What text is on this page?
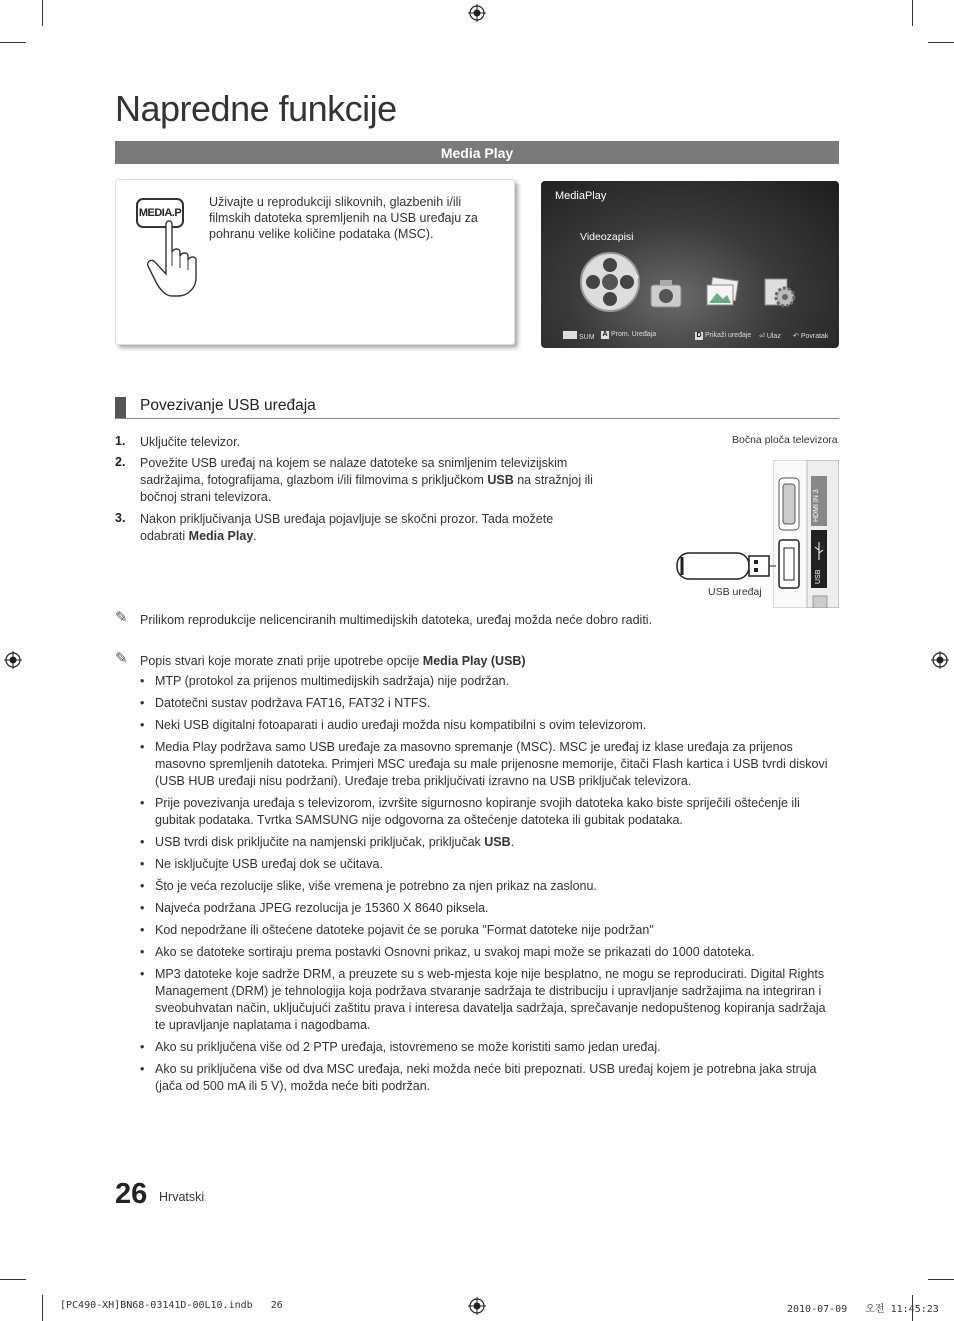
Napredne funkcije
Media Play
MEDIA.P
Uživajte u reprodukciji slikovnih, glazbenih i/ili filmskih datoteka spremljenih na USB uređaju za pohranu velike količine podataka (MSC).
MediaPlay
Videozapisi
›
SUM A Prom. Uređaja	D Prikaži uređaje ⏎ Ulaz ↶ Povratak
Povezivanje USB uređaja
1. Uključite televizor.
2. Povežite USB uređaj na kojem se nalaze datoteke sa snimljenim televizijskim sadržajima, fotografijama, glazbom i/ili filmovima s priključkom USB na stražnjoj ili bočnoj strani televizora.
3. Nakon priključivanja USB uređaja pojavljuje se skočni prozor. Tada možete odabrati Media Play.
Bočna ploča televizora
HDMI IN 3
USB
USB uređaj
✎ Prilikom reprodukcije nelicenciranih multimedijskih datoteka, uređaj možda neće dobro raditi.
✎ Popis stvari koje morate znati prije upotrebe opcije Media Play (USB)
• MTP (protokol za prijenos multimedijskih sadržaja) nije podržan.
• Datotečni sustav podržava FAT16, FAT32 i NTFS.
• Neki USB digitalni fotoaparati i audio uređaji možda nisu kompatibilni s ovim televizorom.
• Media Play podržava samo USB uređaje za masovno spremanje (MSC). MSC je uređaj iz klase uređaja za prijenos masovno spremljenih datoteka. Primjeri MSC uređaja su male prijenosne memorije, čitači Flash kartica i USB tvrdi diskovi (USB HUB uređaji nisu podržani). Uređaje treba priključivati izravno na USB priključak televizora.
• Prije povezivanja uređaja s televizorom, izvršite sigurnosno kopiranje svojih datoteka kako biste spriječili oštećenje ili gubitak podataka. Tvrtka SAMSUNG nije odgovorna za oštećenje datoteka ili gubitak podataka.
• USB tvrdi disk priključite na namjenski priključak, priključak USB.
• Ne isključujte USB uređaj dok se učitava.
• Što je veća rezolucije slike, više vremena je potrebno za njen prikaz na zaslonu.
• Najveća podržana JPEG rezolucija je 15360 X 8640 piksela.
• Kod nepodržane ili oštećene datoteke pojavit će se poruka "Format datoteke nije podržan"
• Ako se datoteke sortiraju prema postavki Osnovni prikaz, u svakoj mapi može se prikazati do 1000 datoteka.
• MP3 datoteke koje sadrže DRM, a preuzete su s web-mjesta koje nije besplatno, ne mogu se reproducirati. Digital Rights Management (DRM) je tehnologija koja podržava stvaranje sadržaja te distribuciju i upravljanje sadržajima na integriran i sveobuhvatan način, uključujući zaštitu prava i interesa davatelja sadržaja, sprečavanje nedopuštenog kopiranja sadržaja te upravljanje naplatama i nagodbama.
• Ako su priključena više od 2 PTP uređaja, istovremeno se može koristiti samo jedan uređaj.
• Ako su priključena više od dva MSC uređaja, neki možda neće biti prepoznati. USB uređaj kojem je potrebna jaka struja (jača od 500 mA ili 5 V), možda neće biti podržan.
26 Hrvatski
[PC490-XH]BN68-03141D-00L10.indb   26	2010-07-09   오전 11:45:23
